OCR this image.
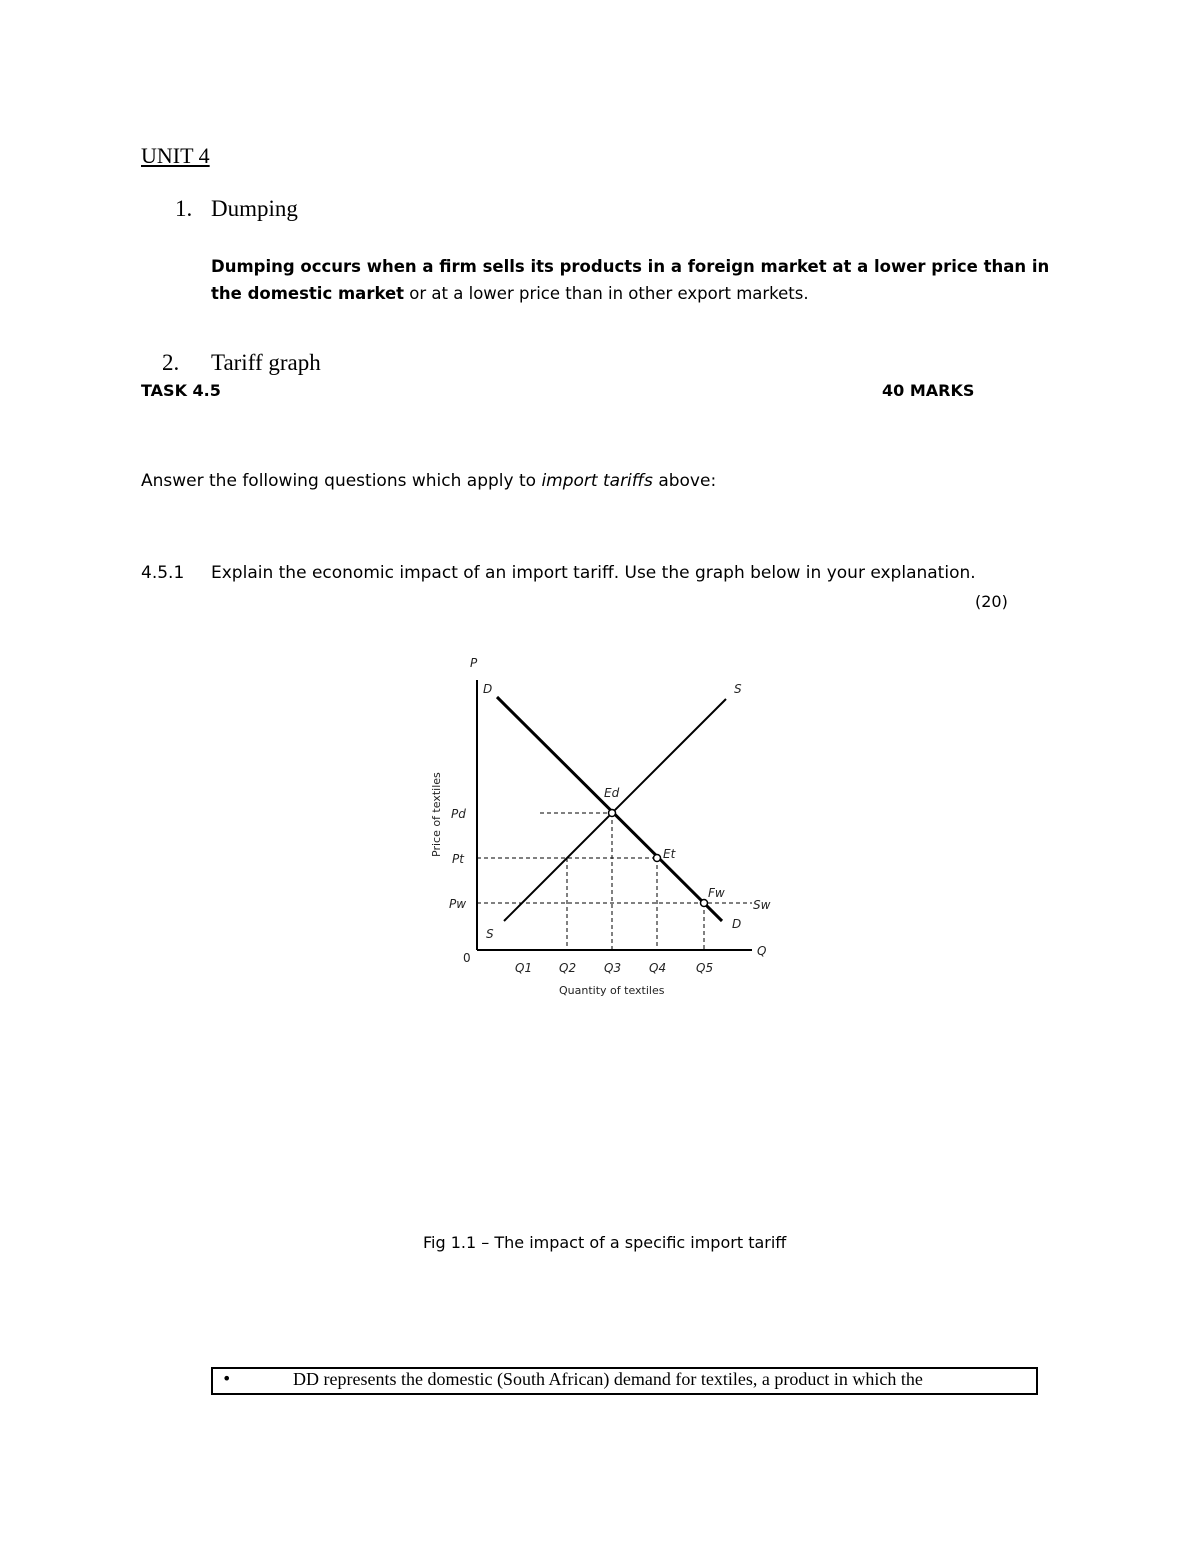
UNIT 4
1. Dumping
Dumping occurs when a firm sells its products in a foreign market at a lower price than in the domestic market or at a lower price than in other export markets.
2. Tariff graph
TASK 4.5	40 MARKS
Answer the following questions which apply to import tariffs above:
4.5.1 Explain the economic impact of an import tariff. Use the graph below in your explanation.
(20)
P
Q
0
D
D
S
S
Sw
Ed
Et
Fw
Pd
Pt
Pw
Q1 Q2 Q3 Q4 Q5
Quantity of textiles
Price of textiles
Fig 1.1 – The impact of a specific import tariff
•	DD represents the domestic (South African) demand for textiles, a product in which the
